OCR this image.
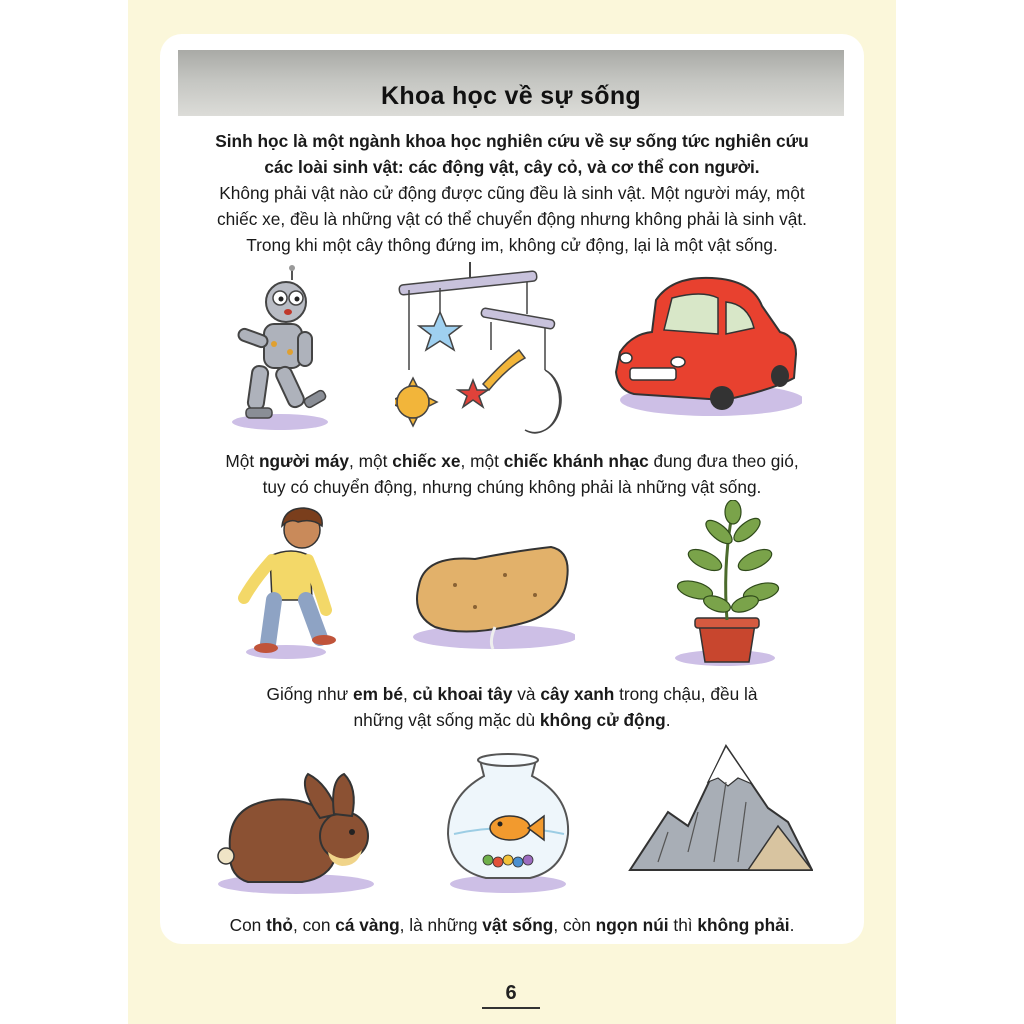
Khoa học về sự sống
Sinh học là một ngành khoa học nghiên cứu về sự sống tức nghiên cứu
các loài sinh vật: các động vật, cây cỏ, và cơ thể con người.
Không phải vật nào cử động được cũng đều là sinh vật. Một người máy, một
chiếc xe, đều là những vật có thể chuyển động nhưng không phải là sinh vật.
Trong khi một cây thông đứng im, không cử động, lại là một vật sống.
Một người máy, một chiếc xe, một chiếc khánh nhạc đung đưa theo gió,
tuy có chuyển động, nhưng chúng không phải là những vật sống.
Giống như em bé, củ khoai tây và cây xanh trong chậu, đều là
những vật sống mặc dù không cử động.
Con thỏ, con cá vàng, là những vật sống, còn ngọn núi thì không phải.
6
